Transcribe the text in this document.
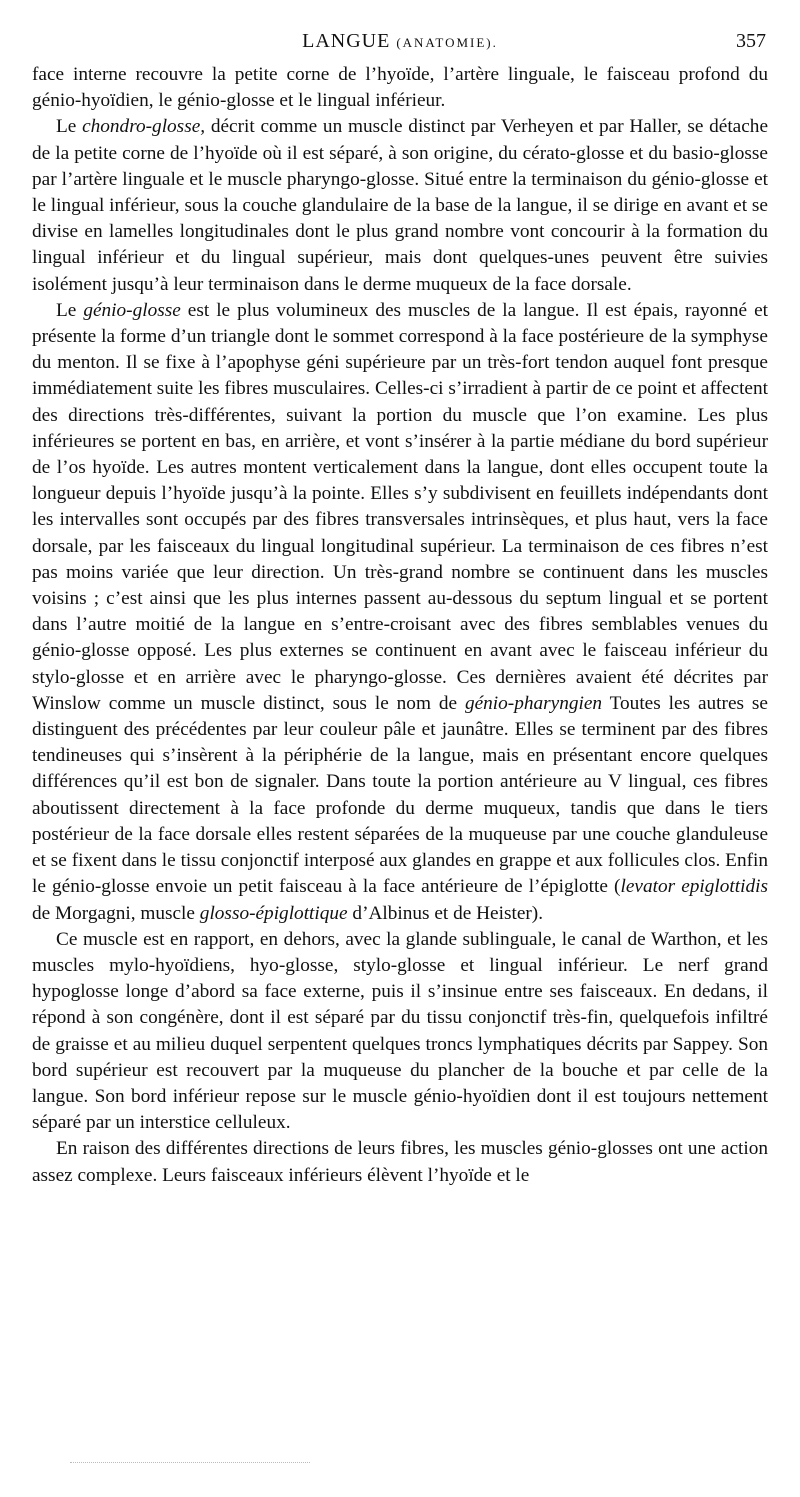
LANGUE (ANATOMIE).	357

face interne recouvre la petite corne de l’hyoïde, l’artère linguale, le faisceau profond du génio-hyoïdien, le génio-glosse et le lingual inférieur.

Le chondro-glosse, décrit comme un muscle distinct par Verheyen et par Haller, se détache de la petite corne de l’hyoïde où il est séparé, à son origine, du cérato-glosse et du basio-glosse par l’artère linguale et le muscle pharyngo-glosse. Situé entre la terminaison du génio-glosse et le lingual inférieur, sous la couche glandulaire de la base de la langue, il se dirige en avant et se divise en lamelles longitudinales dont le plus grand nombre vont concourir à la formation du lingual inférieur et du lingual supérieur, mais dont quelques-unes peuvent être suivies isolément jusqu’à leur terminaison dans le derme muqueux de la face dorsale.

Le génio-glosse est le plus volumineux des muscles de la langue. Il est épais, rayonné et présente la forme d’un triangle dont le sommet correspond à la face postérieure de la symphyse du menton. Il se fixe à l’apophyse géni supérieure par un très-fort tendon auquel font presque immédiatement suite les fibres musculaires. Celles-ci s’irradient à partir de ce point et affectent des directions très-différentes, suivant la portion du muscle que l’on examine. Les plus inférieures se portent en bas, en arrière, et vont s’insérer à la partie médiane du bord supérieur de l’os hyoïde. Les autres montent verticalement dans la langue, dont elles occupent toute la longueur depuis l’hyoïde jusqu’à la pointe. Elles s’y subdivisent en feuillets indépendants dont les intervalles sont occupés par des fibres transversales intrinsèques, et plus haut, vers la face dorsale, par les faisceaux du lingual longitudinal supérieur. La terminaison de ces fibres n’est pas moins variée que leur direction. Un très-grand nombre se continuent dans les muscles voisins ; c’est ainsi que les plus internes passent au-dessous du septum lingual et se portent dans l’autre moitié de la langue en s’entre-croisant avec des fibres semblables venues du génio-glosse opposé. Les plus externes se continuent en avant avec le faisceau inférieur du stylo-glosse et en arrière avec le pharyngo-glosse. Ces dernières avaient été décrites par Winslow comme un muscle distinct, sous le nom de génio-pharyngien Toutes les autres se distinguent des précédentes par leur couleur pâle et jaunâtre. Elles se terminent par des fibres tendineuses qui s’insèrent à la périphérie de la langue, mais en présentant encore quelques différences qu’il est bon de signaler. Dans toute la portion antérieure au V lingual, ces fibres aboutissent directement à la face profonde du derme muqueux, tandis que dans le tiers postérieur de la face dorsale elles restent séparées de la muqueuse par une couche glanduleuse et se fixent dans le tissu conjonctif interposé aux glandes en grappe et aux follicules clos. Enfin le génio-glosse envoie un petit faisceau à la face antérieure de l’épiglotte (levator epiglottidis de Morgagni, muscle glosso-épiglottique d’Albinus et de Heister).

Ce muscle est en rapport, en dehors, avec la glande sublinguale, le canal de Warthon, et les muscles mylo-hyoïdiens, hyo-glosse, stylo-glosse et lingual inférieur. Le nerf grand hypoglosse longe d’abord sa face externe, puis il s’insinue entre ses faisceaux. En dedans, il répond à son congénère, dont il est séparé par du tissu conjonctif très-fin, quelquefois infiltré de graisse et au milieu duquel serpentent quelques troncs lymphatiques décrits par Sappey. Son bord supérieur est recouvert par la muqueuse du plancher de la bouche et par celle de la langue. Son bord inférieur repose sur le muscle génio-hyoïdien dont il est toujours nettement séparé par un interstice celluleux.

En raison des différentes directions de leurs fibres, les muscles génio-glosses ont une action assez complexe. Leurs faisceaux inférieurs élèvent l’hyoïde et le
